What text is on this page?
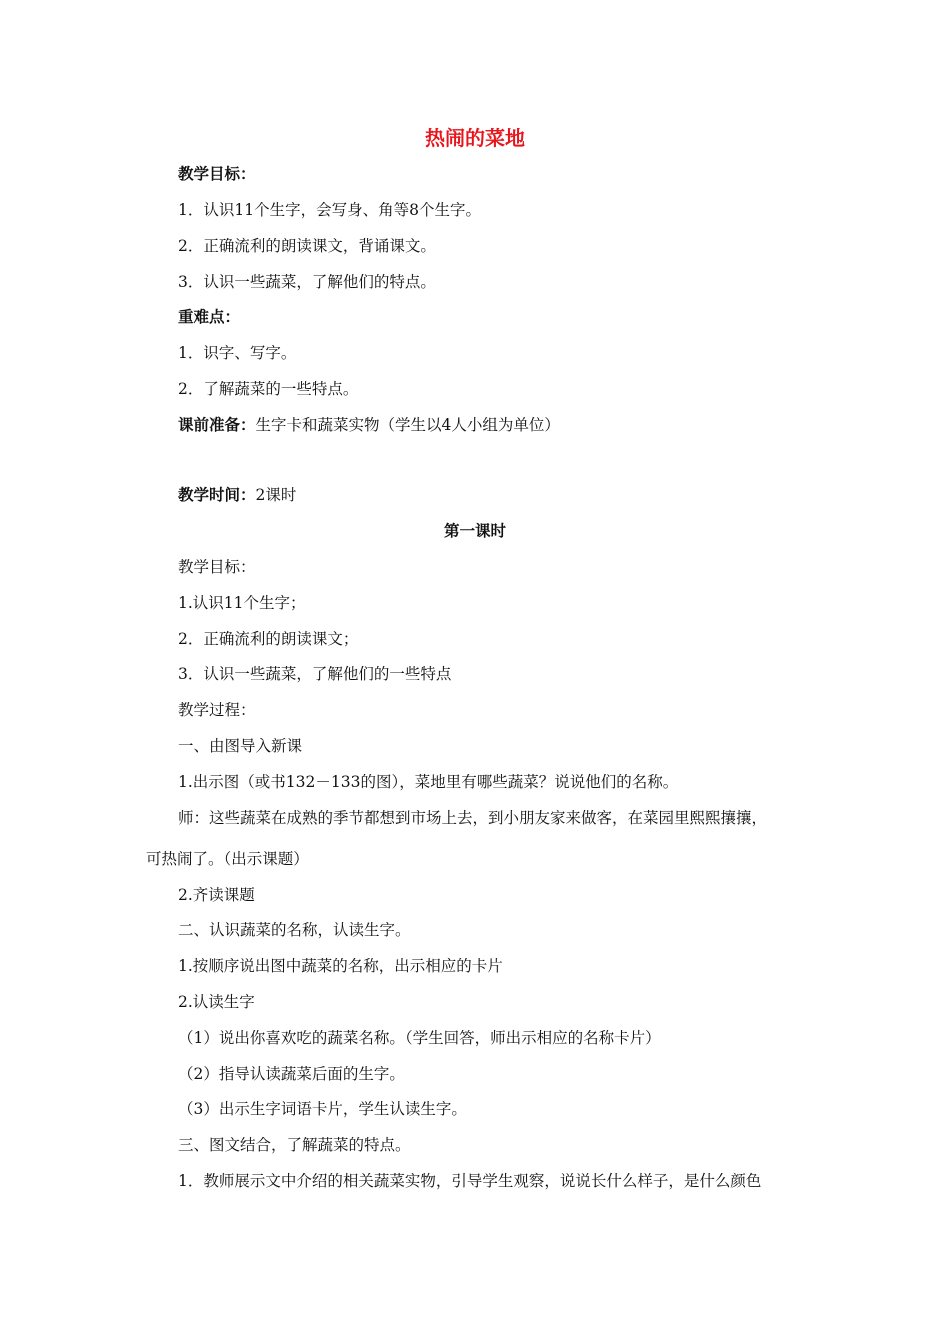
热闹的菜地
教学目标：
1．认识11个生字，会写身、角等8个生字。
2．正确流利的朗读课文，背诵课文。
3．认识一些蔬菜，了解他们的特点。
重难点：
1．识字、写字。
2．了解蔬菜的一些特点。
课前准备：生字卡和蔬菜实物（学生以4人小组为单位）
教学时间：2课时
第一课时
教学目标：
1.认识11个生字；
2．正确流利的朗读课文；
3．认识一些蔬菜，了解他们的一些特点
教学过程：
一、由图导入新课
1.出示图（或书132－133的图），菜地里有哪些蔬菜？说说他们的名称。
师：这些蔬菜在成熟的季节都想到市场上去，到小朋友家来做客，在菜园里熙熙攘攘，
可热闹了。（出示课题）
2.齐读课题
二、认识蔬菜的名称，认读生字。
1.按顺序说出图中蔬菜的名称，出示相应的卡片
2.认读生字
（1）说出你喜欢吃的蔬菜名称。（学生回答，师出示相应的名称卡片）
（2）指导认读蔬菜后面的生字。
（3）出示生字词语卡片，学生认读生字。
三、图文结合，了解蔬菜的特点。
1．教师展示文中介绍的相关蔬菜实物，引导学生观察，说说长什么样子，是什么颜色
